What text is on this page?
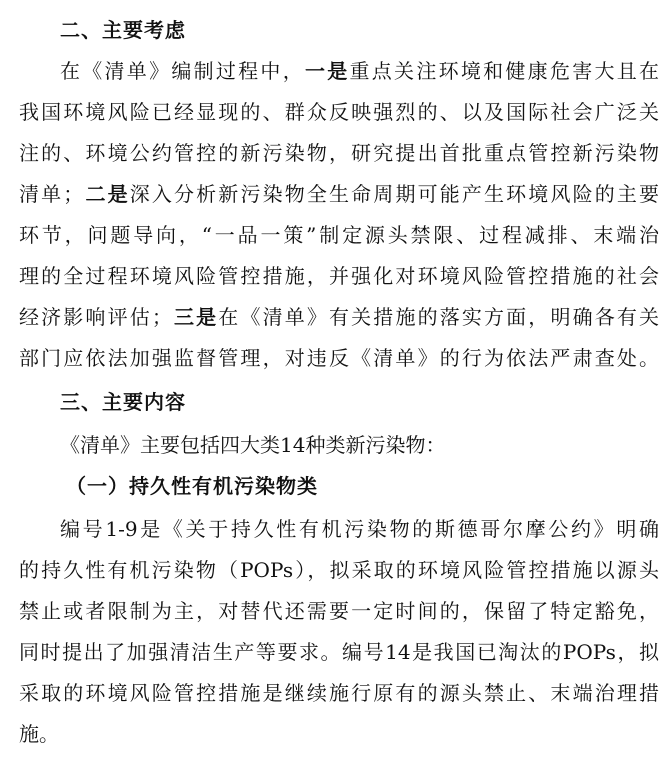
二、主要考虑
在《清单》编制过程中，一是重点关注环境和健康危害大且在
我国环境风险已经显现的、群众反映强烈的、以及国际社会广泛关
注的、环境公约管控的新污染物，研究提出首批重点管控新污染物
清单；二是深入分析新污染物全生命周期可能产生环境风险的主要
环节，问题导向，“一品一策”制定源头禁限、过程减排、末端治
理的全过程环境风险管控措施，并强化对环境风险管控措施的社会
经济影响评估；三是在《清单》有关措施的落实方面，明确各有关
部门应依法加强监督管理，对违反《清单》的行为依法严肃查处。
三、主要内容
《清单》主要包括四大类14种类新污染物：
（一）持久性有机污染物类
编号1-9是《关于持久性有机污染物的斯德哥尔摩公约》明确
的持久性有机污染物（POPs），拟采取的环境风险管控措施以源头
禁止或者限制为主，对替代还需要一定时间的，保留了特定豁免，
同时提出了加强清洁生产等要求。编号14是我国已淘汰的POPs，拟
采取的环境风险管控措施是继续施行原有的源头禁止、末端治理措
施。
